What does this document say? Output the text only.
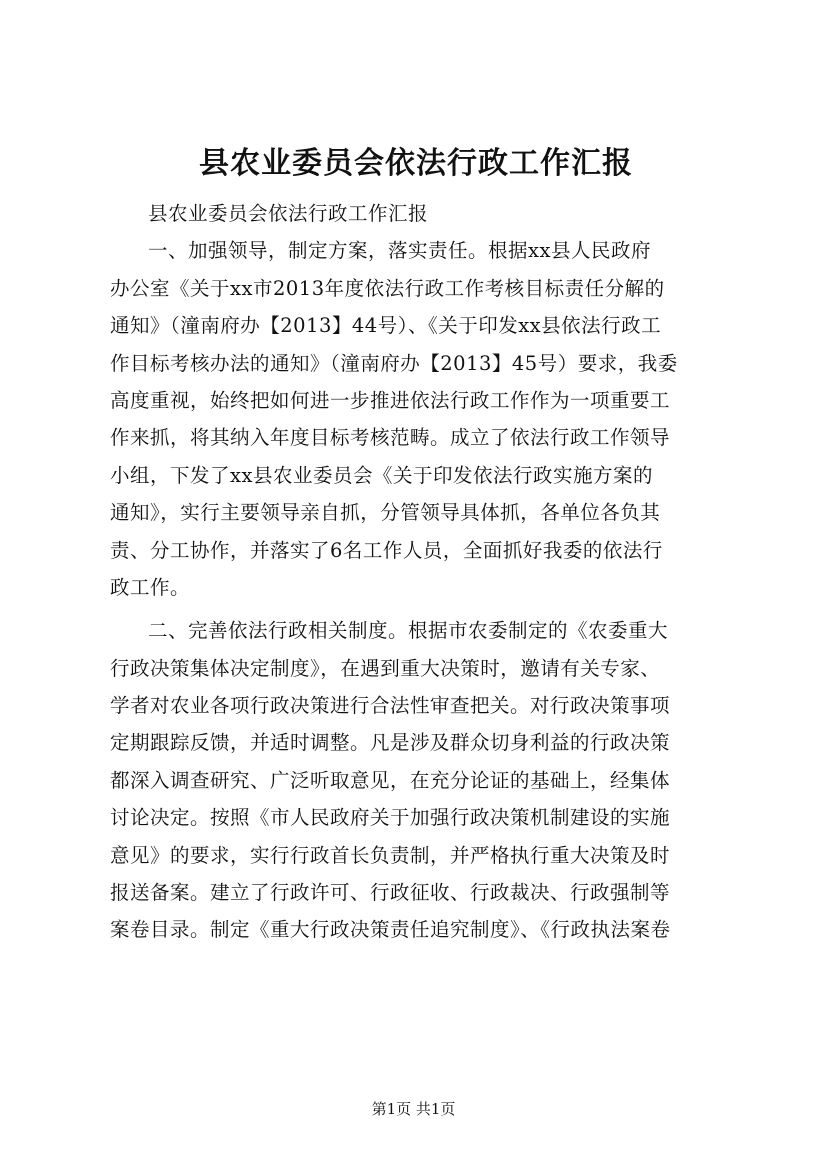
县农业委员会依法行政工作汇报
县农业委员会依法行政工作汇报
一、加强领导，制定方案，落实责任。根据xx县人民政府
办公室《关于xx市2013年度依法行政工作考核目标责任分解的
通知》（潼南府办【2013】44号）、《关于印发xx县依法行政工
作目标考核办法的通知》（潼南府办【2013】45号）要求，我委
高度重视，始终把如何进一步推进依法行政工作作为一项重要工
作来抓，将其纳入年度目标考核范畴。成立了依法行政工作领导
小组，下发了xx县农业委员会《关于印发依法行政实施方案的
通知》，实行主要领导亲自抓，分管领导具体抓，各单位各负其
责、分工协作，并落实了6名工作人员，全面抓好我委的依法行
政工作。
二、完善依法行政相关制度。根据市农委制定的《农委重大
行政决策集体决定制度》，在遇到重大决策时，邀请有关专家、
学者对农业各项行政决策进行合法性审查把关。对行政决策事项
定期跟踪反馈，并适时调整。凡是涉及群众切身利益的行政决策
都深入调查研究、广泛听取意见，在充分论证的基础上，经集体
讨论决定。按照《市人民政府关于加强行政决策机制建设的实施
意见》的要求，实行行政首长负责制，并严格执行重大决策及时
报送备案。建立了行政许可、行政征收、行政裁决、行政强制等
案卷目录。制定《重大行政决策责任追究制度》、《行政执法案卷
第1页 共1页
